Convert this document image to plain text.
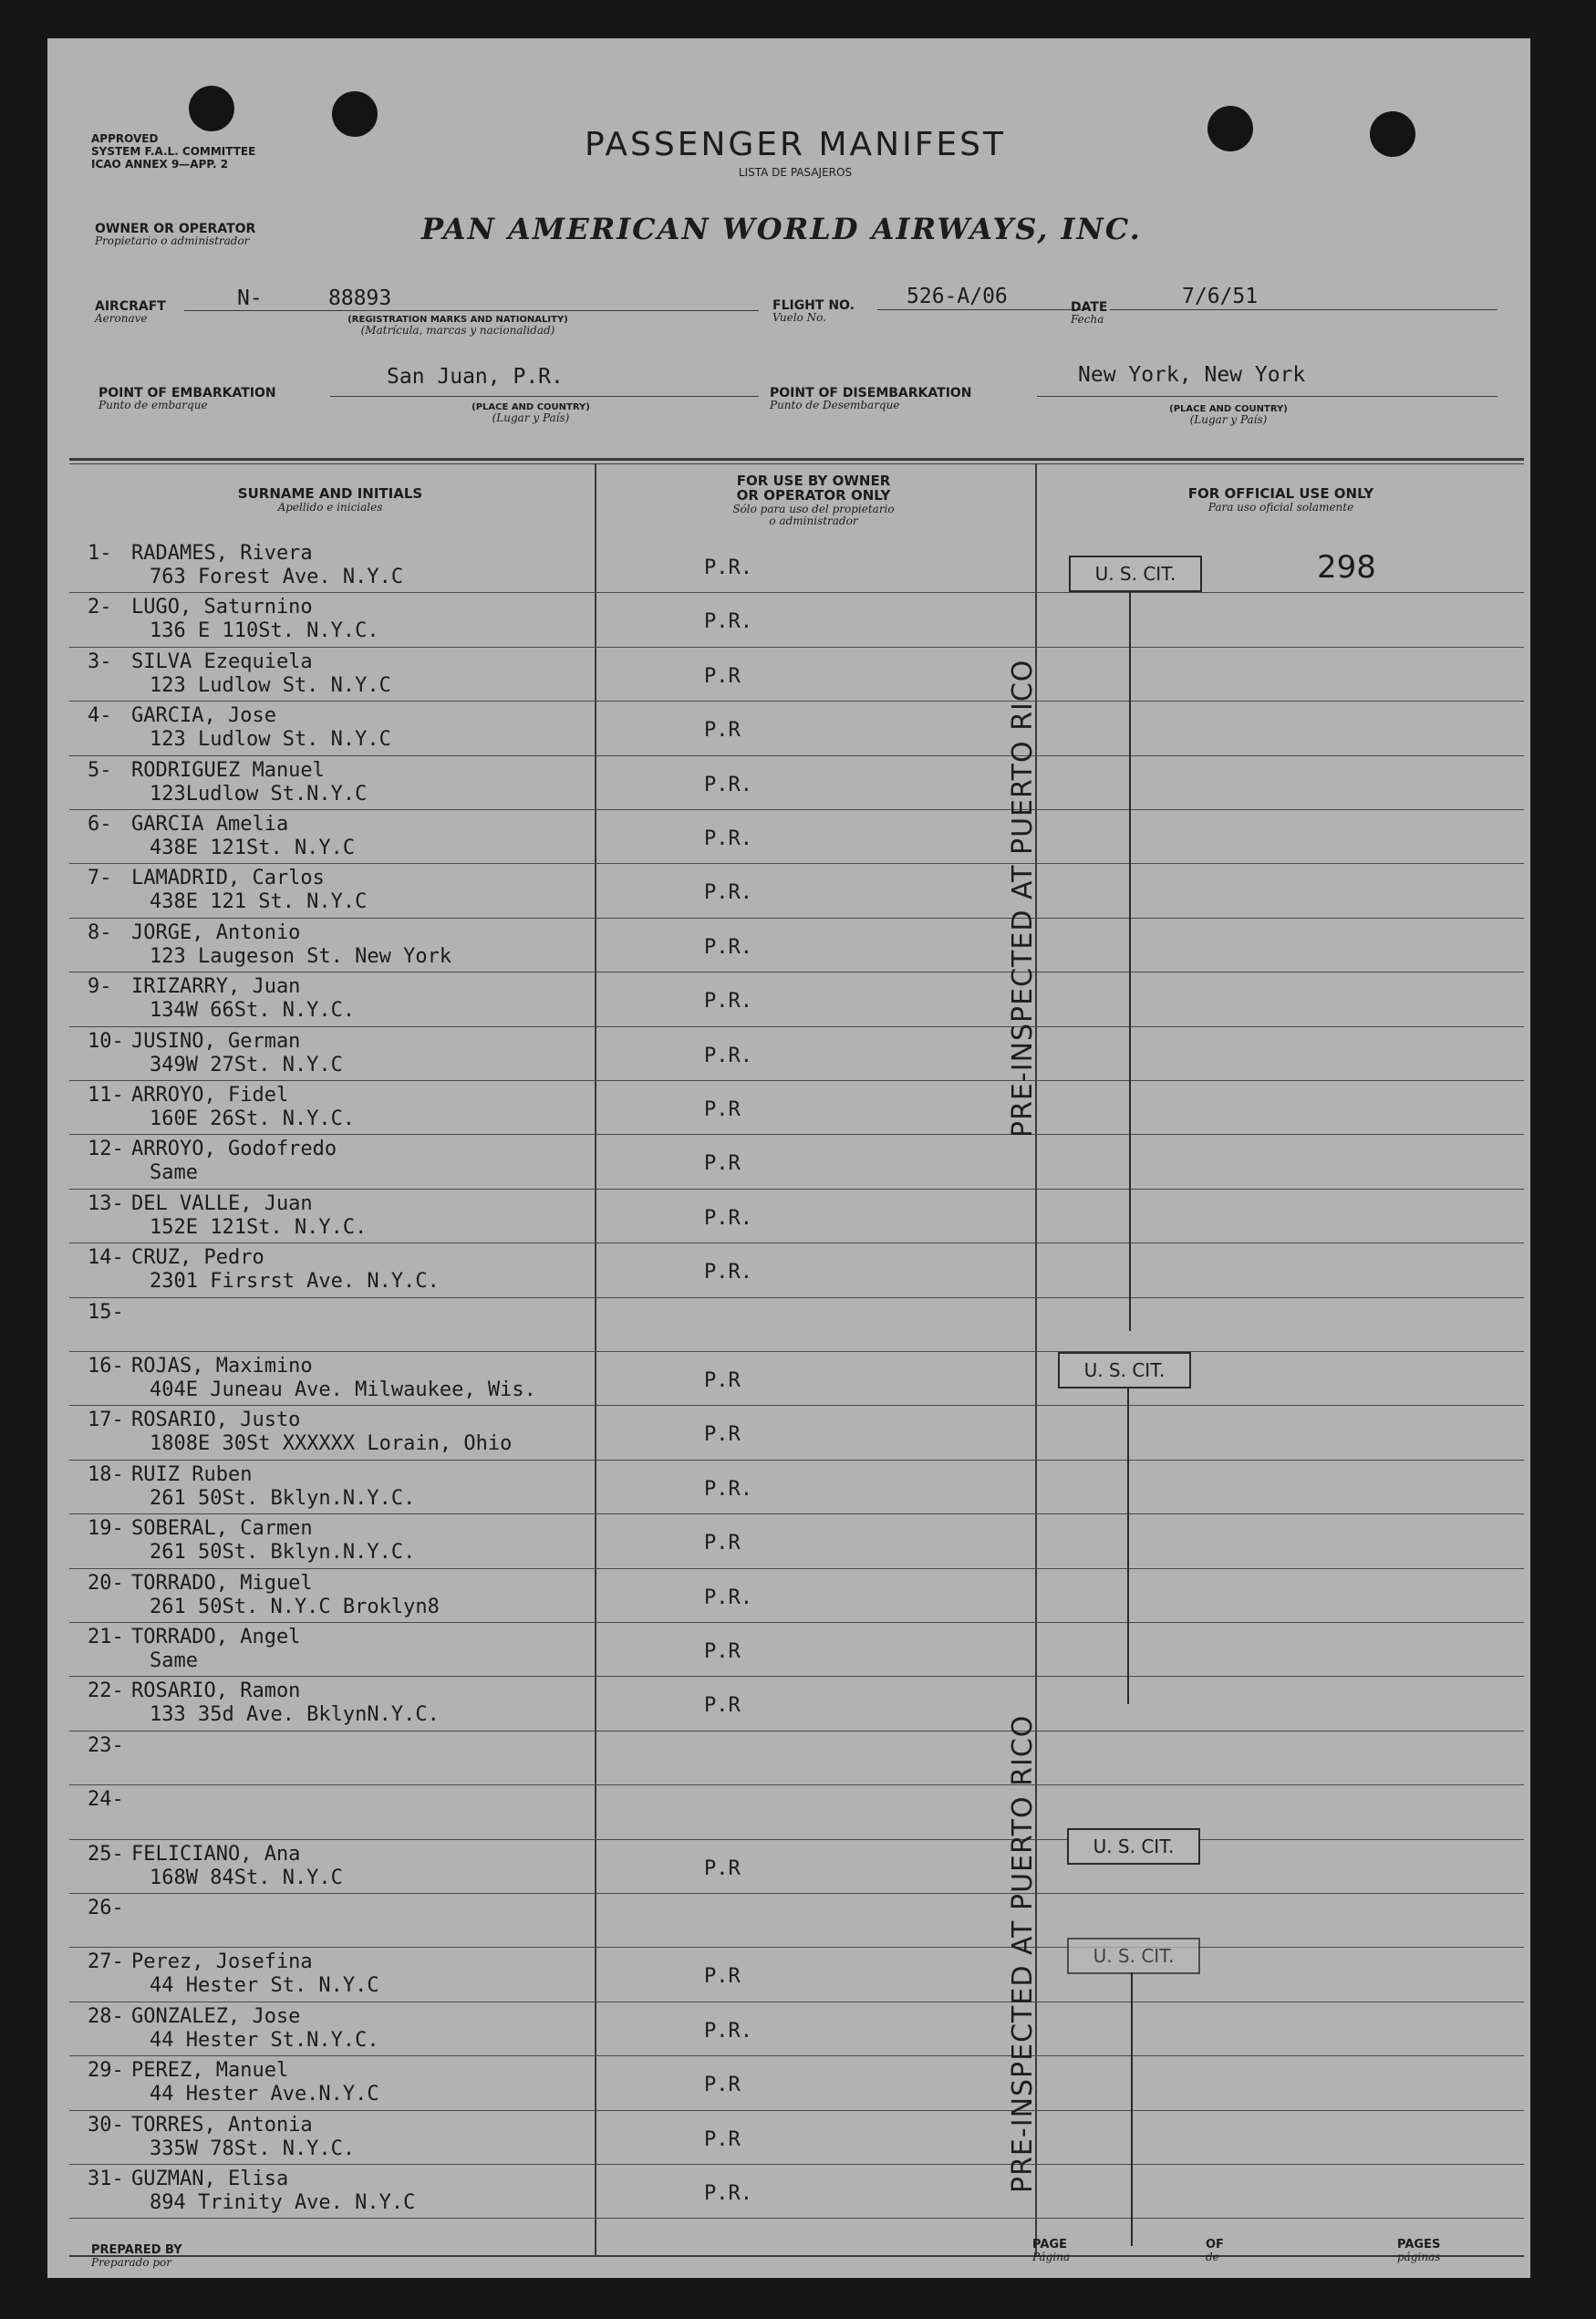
APPROVED
SYSTEM F.A.L. COMMITTEE
ICAO ANNEX 9—APP. 2
PASSENGER MANIFEST
LISTA DE PASAJEROS
OWNER OR OPERATOR
Propietario o administrador	PAN AMERICAN WORLD AIRWAYS, INC.
AIRCRAFT
Aeronave
N-	88893
(REGISTRATION MARKS AND NATIONALITY)
(Matrícula, marcas y nacionalidad)
FLIGHT NO.
Vuelo No.
526-A/06	DATE
Fecha
7/6/51
San Juan, P.R.
POINT OF EMBARKATION
Punto de embarque	(PLACE AND COUNTRY)
(Lugar y País)
New York, New York
POINT OF DISEMBARKATION
Punto de Desembarque	(PLACE AND COUNTRY)
(Lugar y País)
SURNAME AND INITIALS
Apellido e iniciales
FOR USE BY OWNER
OR OPERATOR ONLY
Sólo para uso del propietario
o administrador
FOR OFFICIAL USE ONLY
Para uso oficial solamente
1- RADAMES, Rivera
763 Forest Ave. N.Y.C	P.R.
2- LUGO, Saturnino
136 E 110St. N.Y.C.	P.R.
3- SILVA Ezequiela
123 Ludlow St. N.Y.C	P.R
4- GARCIA, Jose
123 Ludlow St. N.Y.C	P.R
5- RODRIGUEZ Manuel
123Ludlow St.N.Y.C	P.R.
6- GARCIA Amelia
438E 121St. N.Y.C	P.R.
7- LAMADRID, Carlos
438E 121 St. N.Y.C	P.R.
8- JORGE, Antonio
123 Laugeson St. New York	P.R.
9- IRIZARRY, Juan
134W 66St. N.Y.C.	P.R.
10- JUSINO, German
349W 27St. N.Y.C	P.R.
11- ARROYO, Fidel
160E 26St. N.Y.C.	P.R
12- ARROYO, Godofredo
Same	P.R
13- DEL VALLE, Juan
152E 121St. N.Y.C.	P.R.
14- CRUZ, Pedro
2301 Firsrst Ave. N.Y.C.	P.R.
15-
16- ROJAS, Maximino
404E Juneau Ave. Milwaukee, Wis.	P.R
17- ROSARIO, Justo
1808E 30St XXXXXX Lorain, Ohio	P.R
18- RUIZ Ruben
261 50St. Bklyn.N.Y.C.	P.R.
19- SOBERAL, Carmen
261 50St. Bklyn.N.Y.C.	P.R
20- TORRADO, Miguel
261 50St. N.Y.C Broklyn8	P.R.
21- TORRADO, Angel
Same	P.R
22- ROSARIO, Ramon
133 35d Ave. BklynN.Y.C.	P.R
23-
24-
25- FELICIANO, Ana
168W 84St. N.Y.C	P.R
26-
27- Perez, Josefina
44 Hester St. N.Y.C	P.R
28- GONZALEZ, Jose
44 Hester St.N.Y.C.	P.R.
29- PEREZ, Manuel
44 Hester Ave.N.Y.C	P.R
30- TORRES, Antonia
335W 78St. N.Y.C.	P.R
31- GUZMAN, Elisa
894 Trinity Ave. N.Y.C	P.R.
298
U. S. CIT.
U. S. CIT.
U. S. CIT.
U. S. CIT.
PRE-INSPECTED AT PUERTO RICO
PRE-INSPECTED AT PUERTO RICO
PREPARED BY
Preparado por
PAGE
Página
OF
de
PAGES
páginas
